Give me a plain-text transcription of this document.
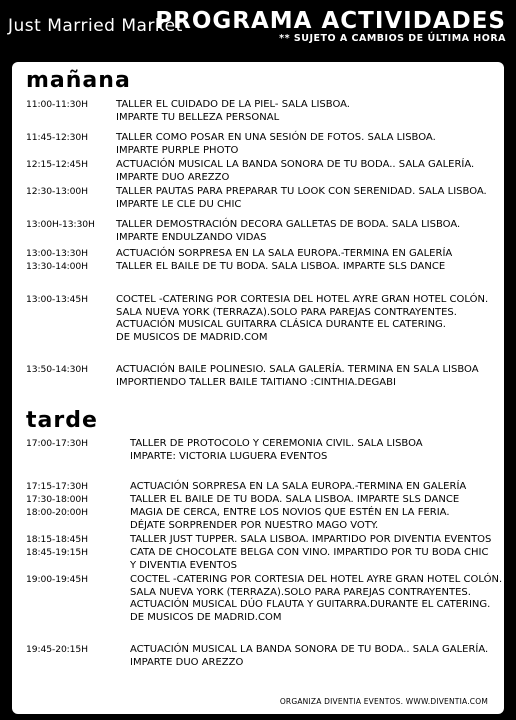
Just Married Market
PROGRAMA ACTIVIDADES
** SUJETO A CAMBIOS DE ÚLTIMA HORA
mañana
11:00-11:30H	TALLER EL CUIDADO DE LA PIEL- SALA LISBOA.
IMPARTE TU BELLEZA PERSONAL
11:45-12:30H	TALLER COMO POSAR EN UNA SESIÓN DE FOTOS. SALA LISBOA.
IMPARTE PURPLE PHOTO
12:15-12:45H	ACTUACIÓN MUSICAL LA BANDA SONORA DE TU BODA.. SALA GALERÍA.
IMPARTE DUO AREZZO
12:30-13:00H	TALLER PAUTAS PARA PREPARAR TU LOOK CON SERENIDAD. SALA LISBOA.
IMPARTE LE CLE DU CHIC
13:00H-13:30H TALLER DEMOSTRACIÓN DECORA GALLETAS DE BODA. SALA LISBOA.
IMPARTE ENDULZANDO VIDAS
13:00-13:30H	ACTUACIÓN SORPRESA EN LA SALA EUROPA.-TERMINA EN GALERÍA
13:30-14:00H	TALLER EL BAILE DE TU BODA. SALA LISBOA. IMPARTE SLS DANCE
13:00-13:45H	COCTEL -CATERING POR CORTESIA DEL HOTEL AYRE GRAN HOTEL COLÓN.
SALA NUEVA YORK (TERRAZA).SOLO PARA PAREJAS CONTRAYENTES.
ACTUACIÓN MUSICAL GUITARRA CLÁSICA DURANTE EL CATERING.
DE MUSICOS DE MADRID.COM
13:50-14:30H	ACTUACIÓN BAILE POLINESIO. SALA GALERÍA. TERMINA EN SALA LISBOA
IMPORTIENDO TALLER BAILE TAITIANO :CINTHIA.DEGABI
tarde
17:00-17:30H	TALLER DE PROTOCOLO Y CEREMONIA CIVIL. SALA LISBOA
IMPARTE: VICTORIA LUGUERA EVENTOS
17:15-17:30H	ACTUACIÓN SORPRESA EN LA SALA EUROPA.-TERMINA EN GALERÍA
17:30-18:00H	TALLER EL BAILE DE TU BODA. SALA LISBOA. IMPARTE SLS DANCE
18:00-20:00H	MAGIA DE CERCA, ENTRE LOS NOVIOS QUE ESTÉN EN LA FERIA.
DÉJATE SORPRENDER POR NUESTRO MAGO VOTY.
18:15-18:45H	TALLER JUST TUPPER. SALA LISBOA. IMPARTIDO POR DIVENTIA EVENTOS
18:45-19:15H	CATA DE CHOCOLATE BELGA CON VINO. IMPARTIDO POR TU BODA CHIC
Y DIVENTIA EVENTOS
19:00-19:45H	COCTEL -CATERING POR CORTESIA DEL HOTEL AYRE GRAN HOTEL COLÓN.
SALA NUEVA YORK (TERRAZA).SOLO PARA PAREJAS CONTRAYENTES.
ACTUACIÓN MUSICAL DÚO FLAUTA Y GUITARRA.DURANTE EL CATERING.
DE MUSICOS DE MADRID.COM
19:45-20:15H	ACTUACIÓN MUSICAL LA BANDA SONORA DE TU BODA.. SALA GALERÍA.
IMPARTE DUO AREZZO
ORGANIZA DIVENTIA EVENTOS. WWW.DIVENTIA.COM
